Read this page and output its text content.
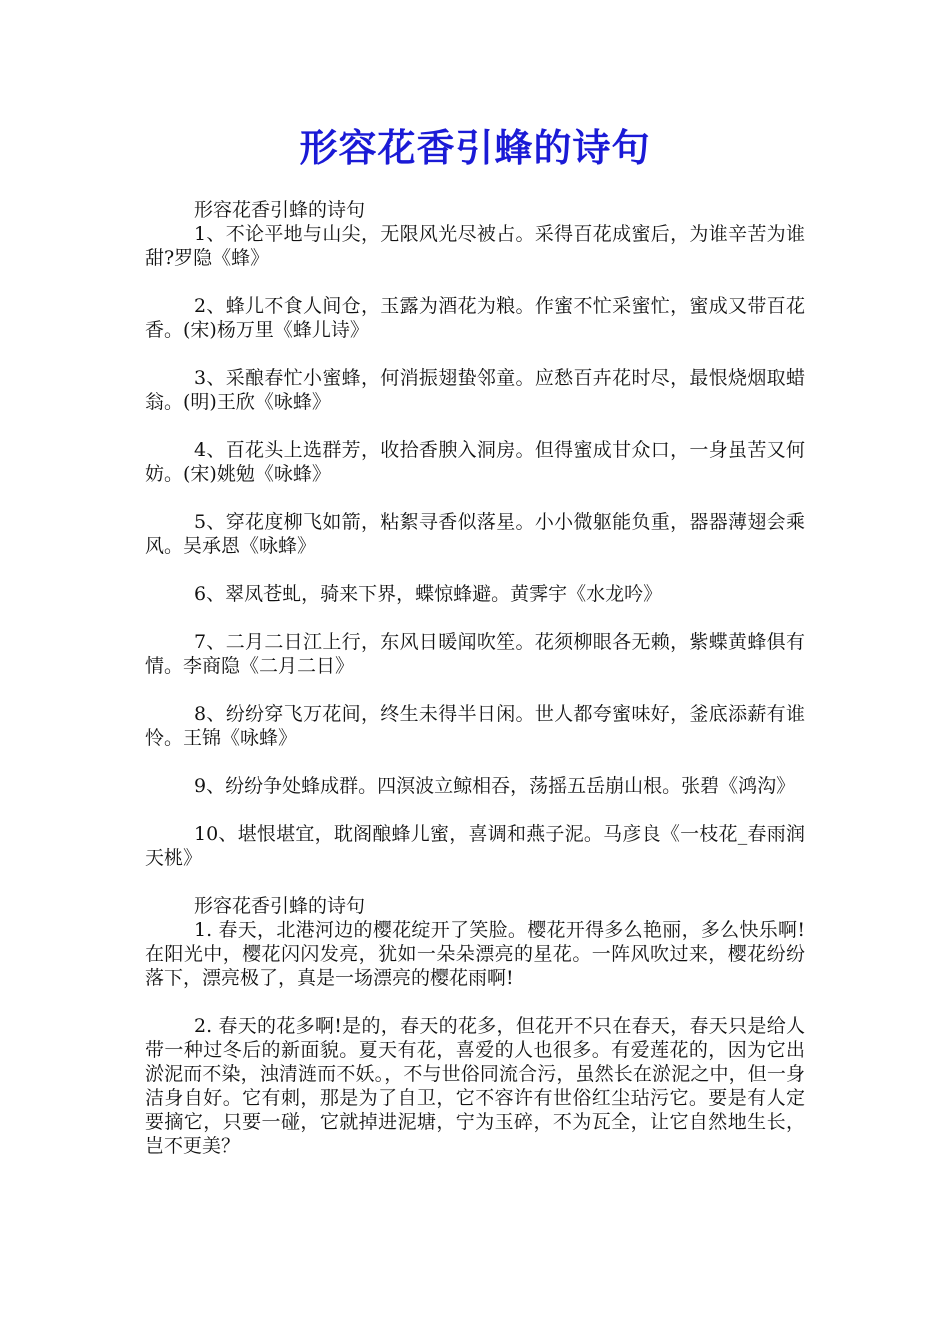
形容花香引蜂的诗句

形容花香引蜂的诗句

1、不论平地与山尖，无限风光尽被占。采得百花成蜜后，为谁辛苦为谁甜?罗隐《蜂》

2、蜂儿不食人间仓，玉露为酒花为粮。作蜜不忙采蜜忙，蜜成又带百花香。(宋)杨万里《蜂儿诗》

3、采酿春忙小蜜蜂，何消振翅蛰邻童。应愁百卉花时尽，最恨烧烟取蜡翁。(明)王欣《咏蜂》

4、百花头上选群芳，收拾香腴入洞房。但得蜜成甘众口，一身虽苦又何妨。(宋)姚勉《咏蜂》

5、穿花度柳飞如箭，粘絮寻香似落星。小小微躯能负重，器器薄翅会乘风。吴承恩《咏蜂》

6、翠凤苍虬，骑来下界，蝶惊蜂避。黄霁宇《水龙吟》

7、二月二日江上行，东风日暖闻吹笙。花须柳眼各无赖，紫蝶黄蜂俱有情。李商隐《二月二日》

8、纷纷穿飞万花间，终生未得半日闲。世人都夸蜜味好，釜底添薪有谁怜。王锦《咏蜂》

9、纷纷争处蜂成群。四溟波立鲸相吞，荡摇五岳崩山根。张碧《鸿沟》

10、堪恨堪宜，耽阁酿蜂儿蜜，喜调和燕子泥。马彦良《一枝花_春雨润天桃》

形容花香引蜂的诗句

1. 春天，北港河边的樱花绽开了笑脸。樱花开得多么艳丽，多么快乐啊!在阳光中，樱花闪闪发亮，犹如一朵朵漂亮的星花。一阵风吹过来，樱花纷纷落下，漂亮极了，真是一场漂亮的樱花雨啊!

2. 春天的花多啊!是的，春天的花多，但花开不只在春天，春天只是给人带一种过冬后的新面貌。夏天有花，喜爱的人也很多。有爱莲花的，因为它出淤泥而不染，浊清涟而不妖。，不与世俗同流合污，虽然长在淤泥之中，但一身洁身自好。它有刺，那是为了自卫，它不容许有世俗红尘玷污它。要是有人定要摘它，只要一碰，它就掉进泥塘，宁为玉碎，不为瓦全，让它自然地生长，岂不更美？
